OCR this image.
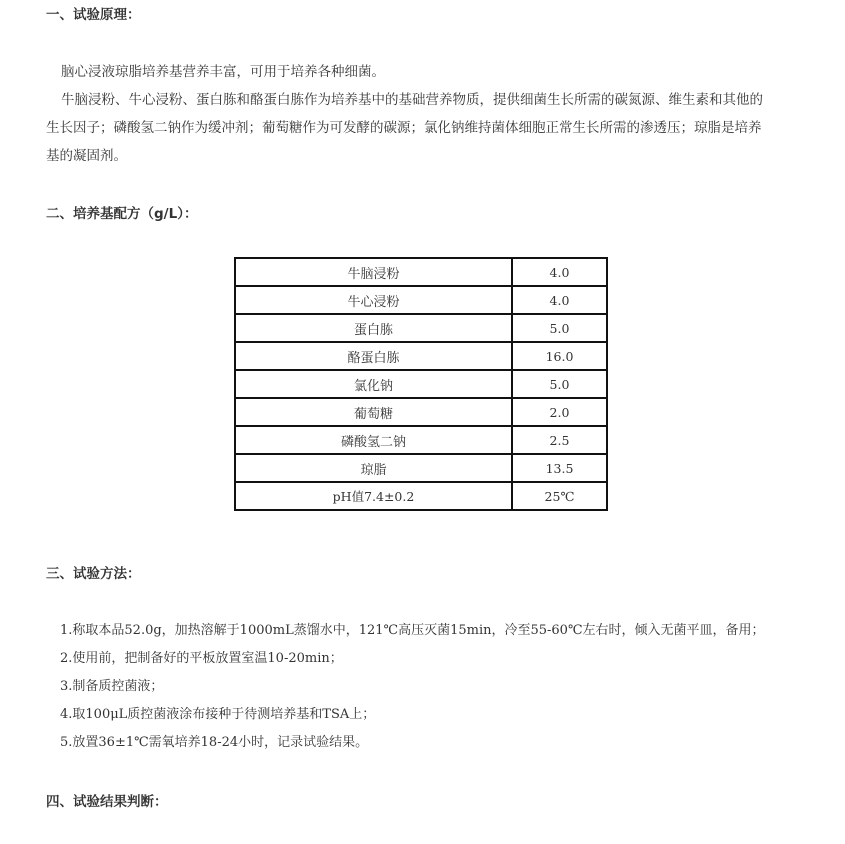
一、试验原理：
脑心浸液琼脂培养基营养丰富，可用于培养各种细菌。
牛脑浸粉、牛心浸粉、蛋白胨和酪蛋白胨作为培养基中的基础营养物质，提供细菌生长所需的碳氮源、维生素和其他的
生长因子；磷酸氢二钠作为缓冲剂；葡萄糖作为可发酵的碳源；氯化钠维持菌体细胞正常生长所需的渗透压；琼脂是培养
基的凝固剂。
二、培养基配方（g/L）：
牛脑浸粉	4.0
牛心浸粉	4.0
蛋白胨	5.0
酪蛋白胨	16.0
氯化钠	5.0
葡萄糖	2.0
磷酸氢二钠	2.5
琼脂	13.5
pH值7.4±0.2	25℃
三、试验方法：
1.称取本品52.0g，加热溶解于1000mL蒸馏水中，121℃高压灭菌15min，冷至55-60℃左右时，倾入无菌平皿，备用；
2.使用前，把制备好的平板放置室温10-20min；
3.制备质控菌液；
4.取100μL质控菌液涂布接种于待测培养基和TSA上；
5.放置36±1℃需氧培养18-24小时，记录试验结果。
四、试验结果判断：
